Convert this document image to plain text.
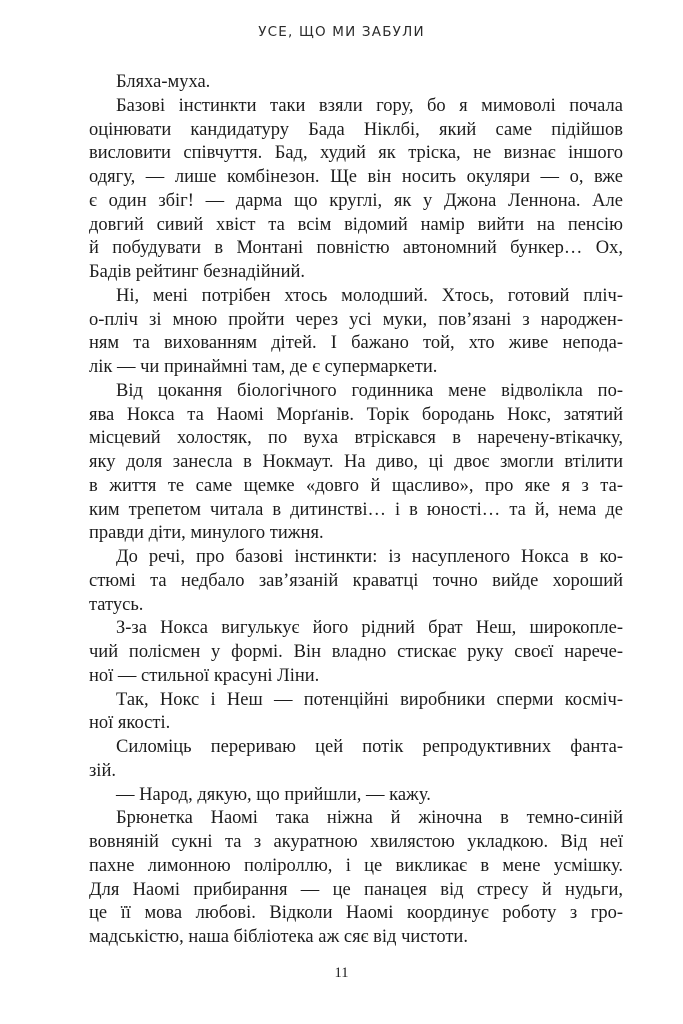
УСЕ, ЩО МИ ЗАБУЛИ
Бляха-муха.
Базові інстинкти таки взяли гору, бо я мимоволі почала
оцінювати кандидатуру Бада Ніклбі, який саме підійшов
висловити співчуття. Бад, худий як тріска, не визнає іншого
одягу, — лише комбінезон. Ще він носить окуляри — о, вже
є один збіг! — дарма що круглі, як у Джона Леннона. Але
довгий сивий хвіст та всім відомий намір вийти на пенсію
й побудувати в Монтані повністю автономний бункер… Ох,
Бадів рейтинг безнадійний.
Ні, мені потрібен хтось молодший. Хтось, готовий пліч-
о-пліч зі мною пройти через усі муки, пов’язані з народжен-
ням та вихованням дітей. І бажано той, хто живе непода-
лік — чи принаймні там, де є супермаркети.
Від цокання біологічного годинника мене відволікла по-
ява Нокса та Наомі Морґанів. Торік бородань Нокс, затятий
місцевий холостяк, по вуха втріскався в наречену-втікачку,
яку доля занесла в Нокмаут. На диво, ці двоє змогли втілити
в життя те саме щемке «довго й щасливо», про яке я з та-
ким трепетом читала в дитинстві… і в юності… та й, нема де
правди діти, минулого тижня.
До речі, про базові інстинкти: із насупленого Нокса в ко-
стюмі та недбало зав’язаній краватці точно вийде хороший
татусь.
З-за Нокса вигулькує його рідний брат Неш, широкопле-
чий полісмен у формі. Він владно стискає руку своєї нарече-
ної — стильної красуні Ліни.
Так, Нокс і Неш — потенційні виробники сперми косміч-
ної якості.
Силоміць перериваю цей потік репродуктивних фанта-
зій.
— Народ, дякую, що прийшли, — кажу.
Брюнетка Наомі така ніжна й жіночна в темно-синій
вовняній сукні та з акуратною хвилястою укладкою. Від неї
пахне лимонною поліроллю, і це викликає в мене усмішку.
Для Наомі прибирання — це панацея від стресу й нудьги,
це її мова любові. Відколи Наомі координує роботу з гро-
мадськістю, наша бібліотека аж сяє від чистоти.
11
